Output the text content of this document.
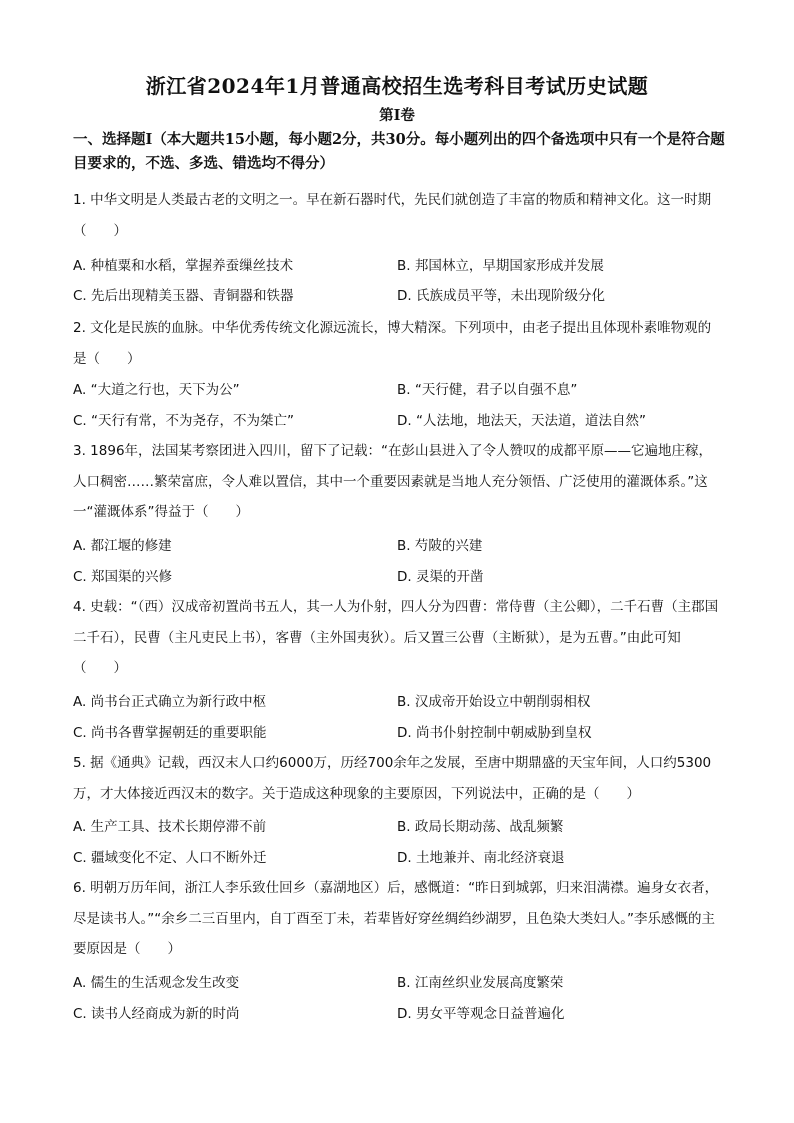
浙江省2024年1月普通高校招生选考科目考试历史试题
第Ⅰ卷
一、选择题Ⅰ（本大题共15小题，每小题2分，共30分。每小题列出的四个备选项中只有一个是符合题目要求的，不选、多选、错选均不得分）
1. 中华文明是人类最古老的文明之一。早在新石器时代，先民们就创造了丰富的物质和精神文化。这一时期（　　）
A. 种植粟和水稻，掌握养蚕缫丝技术	B. 邦国林立，早期国家形成并发展
C. 先后出现精美玉器、青铜器和铁器	D. 氏族成员平等，未出现阶级分化
2. 文化是民族的血脉。中华优秀传统文化源远流长，博大精深。下列项中，由老子提出且体现朴素唯物观的是（　　）
A. “大道之行也，天下为公”	B. “天行健，君子以自强不息”
C. “天行有常，不为尧存，不为桀亡”	D. “人法地，地法天，天法道，道法自然”
3. 1896年，法国某考察团进入四川，留下了记载：“在彭山县进入了令人赞叹的成都平原——它遍地庄稼，人口稠密……繁荣富庶，令人难以置信，其中一个重要因素就是当地人充分领悟、广泛使用的灌溉体系。”这一“灌溉体系”得益于（　　）
A. 都江堰的修建	B. 芍陂的兴建
C. 郑国渠的兴修	D. 灵渠的开凿
4. 史载：“（西）汉成帝初置尚书五人，其一人为仆射，四人分为四曹：常侍曹（主公卿），二千石曹（主郡国二千石），民曹（主凡吏民上书），客曹（主外国夷狄）。后又置三公曹（主断狱），是为五曹。”由此可知（　　）
A. 尚书台正式确立为新行政中枢	B. 汉成帝开始设立中朝削弱相权
C. 尚书各曹掌握朝廷的重要职能	D. 尚书仆射控制中朝威胁到皇权
5. 据《通典》记载，西汉末人口约6000万，历经700余年之发展，至唐中期鼎盛的天宝年间，人口约5300万，才大体接近西汉末的数字。关于造成这种现象的主要原因，下列说法中，正确的是（　　）
A. 生产工具、技术长期停滞不前	B. 政局长期动荡、战乱频繁
C. 疆域变化不定、人口不断外迁	D. 土地兼并、南北经济衰退
6. 明朝万历年间，浙江人李乐致仕回乡（嘉湖地区）后，感慨道：“昨日到城郭，归来泪满襟。遍身女衣者，尽是读书人。”“余乡二三百里内，自丁酉至丁未，若辈皆好穿丝绸绉纱湖罗，且色染大类妇人。”李乐感慨的主要原因是（　　）
A. 儒生的生活观念发生改变	B. 江南丝织业发展高度繁荣
C. 读书人经商成为新的时尚	D. 男女平等观念日益普遍化
